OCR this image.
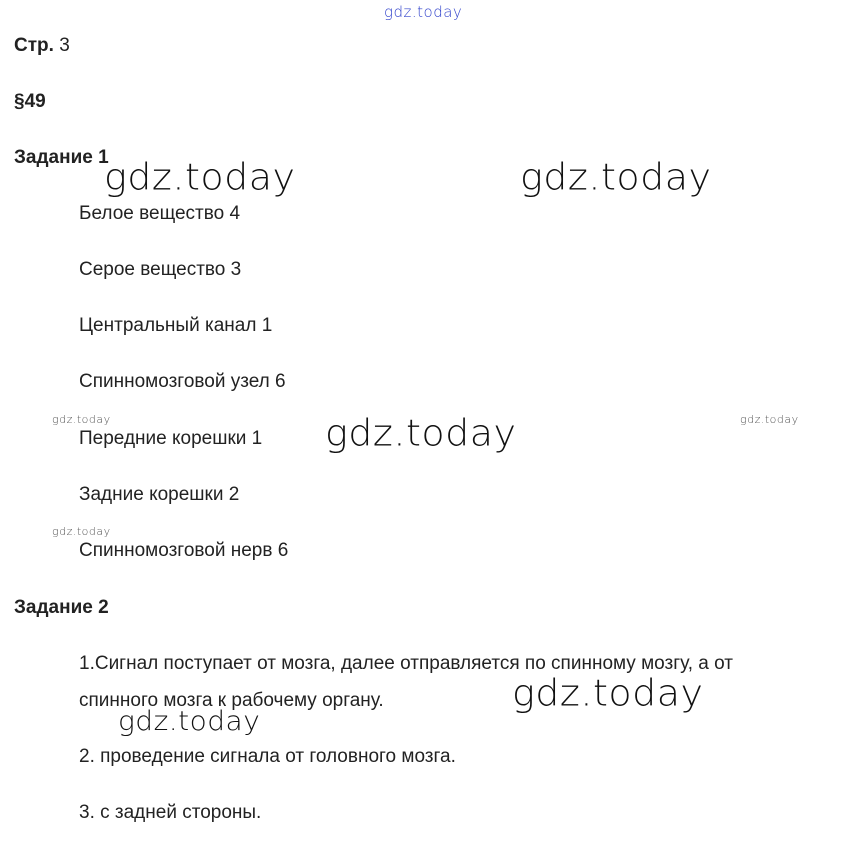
gdz.today
Стр. 3
§49
Задание 1
Белое вещество 4
Серое вещество 3
Центральный канал 1
Спинномозговой узел 6
Передние корешки 1
Задние корешки 2
Спинномозговой нерв 6
Задание 2
1.Сигнал поступает от мозга, далее отправляется по спинному мозгу, а от
спинного мозга к рабочему органу.
2. проведение сигнала от головного мозга.
3. с задней стороны.
gdz.today	gdz.today
gdz.today
gdz.today
gdz.today
gdz.today	gdz.today
gdz.today
